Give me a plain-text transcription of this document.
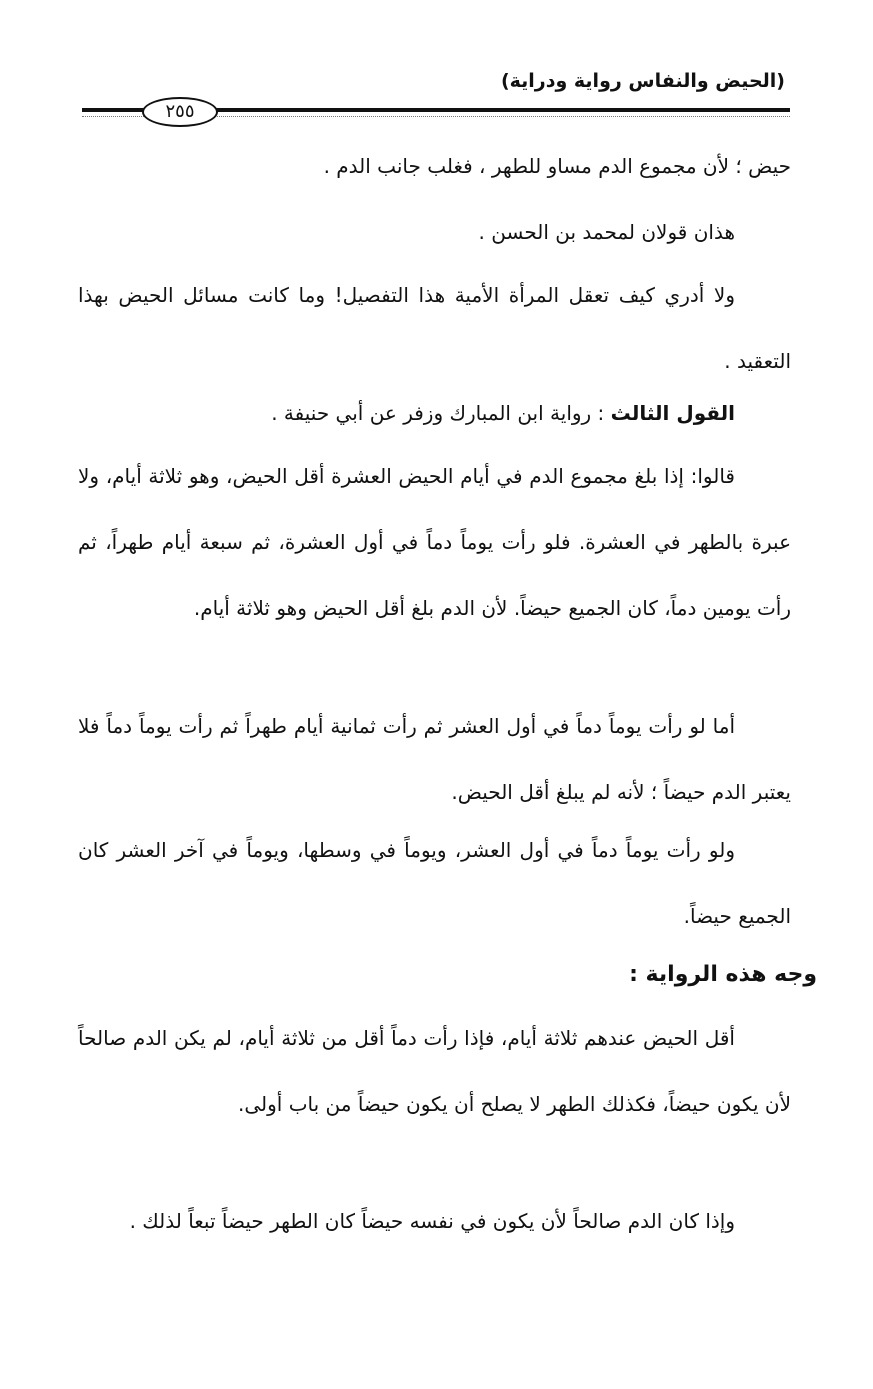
(الحيض والنفاس رواية ودراية)
٢٥٥

حيض ؛ لأن مجموع الدم مساو للطهر ، فغلب جانب الدم .

هذان قولان لمحمد بن الحسن .

ولا أدري كيف تعقل المرأة الأمية هذا التفصيل! وما كانت مسائل الحيض بهذا التعقيد .

القول الثالث : رواية ابن المبارك وزفر عن أبي حنيفة .

قالوا: إذا بلغ مجموع الدم في أيام الحيض العشرة أقل الحيض، وهو ثلاثة أيام، ولا عبرة بالطهر في العشرة. فلو رأت يوماً دماً في أول العشرة، ثم سبعة أيام طهراً، ثم رأت يومين دماً، كان الجميع حيضاً. لأن الدم بلغ أقل الحيض وهو ثلاثة أيام.

أما لو رأت يوماً دماً في أول العشر ثم رأت ثمانية أيام طهراً ثم رأت يوماً دماً فلا يعتبر الدم حيضاً ؛ لأنه لم يبلغ أقل الحيض.

ولو رأت يوماً دماً في أول العشر، ويوماً في وسطها، ويوماً في آخر العشر كان الجميع حيضاً.

وجه هذه الرواية :

أقل الحيض عندهم ثلاثة أيام، فإذا رأت دماً أقل من ثلاثة أيام، لم يكن الدم صالحاً لأن يكون حيضاً، فكذلك الطهر لا يصلح أن يكون حيضاً من باب أولى.

وإذا كان الدم صالحاً لأن يكون في نفسه حيضاً كان الطهر حيضاً تبعاً لذلك .
